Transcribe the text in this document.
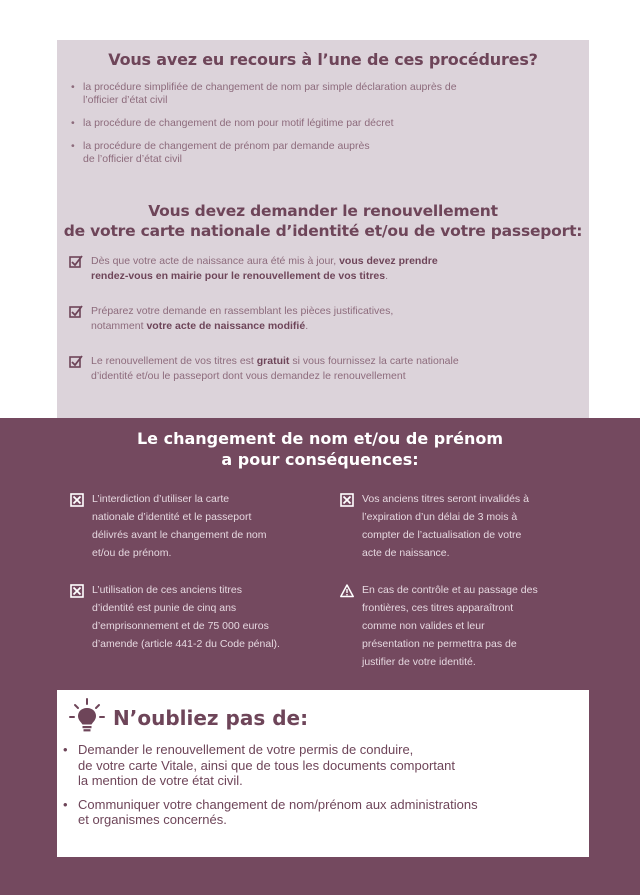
Vous avez eu recours à l’une de ces procédures?
• la procédure simplifiée de changement de nom par simple déclaration auprès de
l’officier d’état civil
• la procédure de changement de nom pour motif légitime par décret
• la procédure de changement de prénom par demande auprès
de l’officier d’état civil
Vous devez demander le renouvellement
de votre carte nationale d’identité et/ou de votre passeport:
Dès que votre acte de naissance aura été mis à jour, vous devez prendre
rendez-vous en mairie pour le renouvellement de vos titres.
Préparez votre demande en rassemblant les pièces justificatives,
notamment votre acte de naissance modifié.
Le renouvellement de vos titres est gratuit si vous fournissez la carte nationale
d’identité et/ou le passeport dont vous demandez le renouvellement
Le changement de nom et/ou de prénom
a pour conséquences:
L’interdiction d’utiliser la carte
nationale d’identité et le passeport
délivrés avant le changement de nom
et/ou de prénom.
Vos anciens titres seront invalidés à
l’expiration d’un délai de 3 mois à
compter de l’actualisation de votre
acte de naissance.
L’utilisation de ces anciens titres
d’identité est punie de cinq ans
d’emprisonnement et de 75 000 euros
d’amende (article 441-2 du Code pénal).
En cas de contrôle et au passage des
frontières, ces titres apparaîtront
comme non valides et leur
présentation ne permettra pas de
justifier de votre identité.
N’oubliez pas de:
• Demander le renouvellement de votre permis de conduire,
de votre carte Vitale, ainsi que de tous les documents comportant
la mention de votre état civil.
• Communiquer votre changement de nom/prénom aux administrations
et organismes concernés.
